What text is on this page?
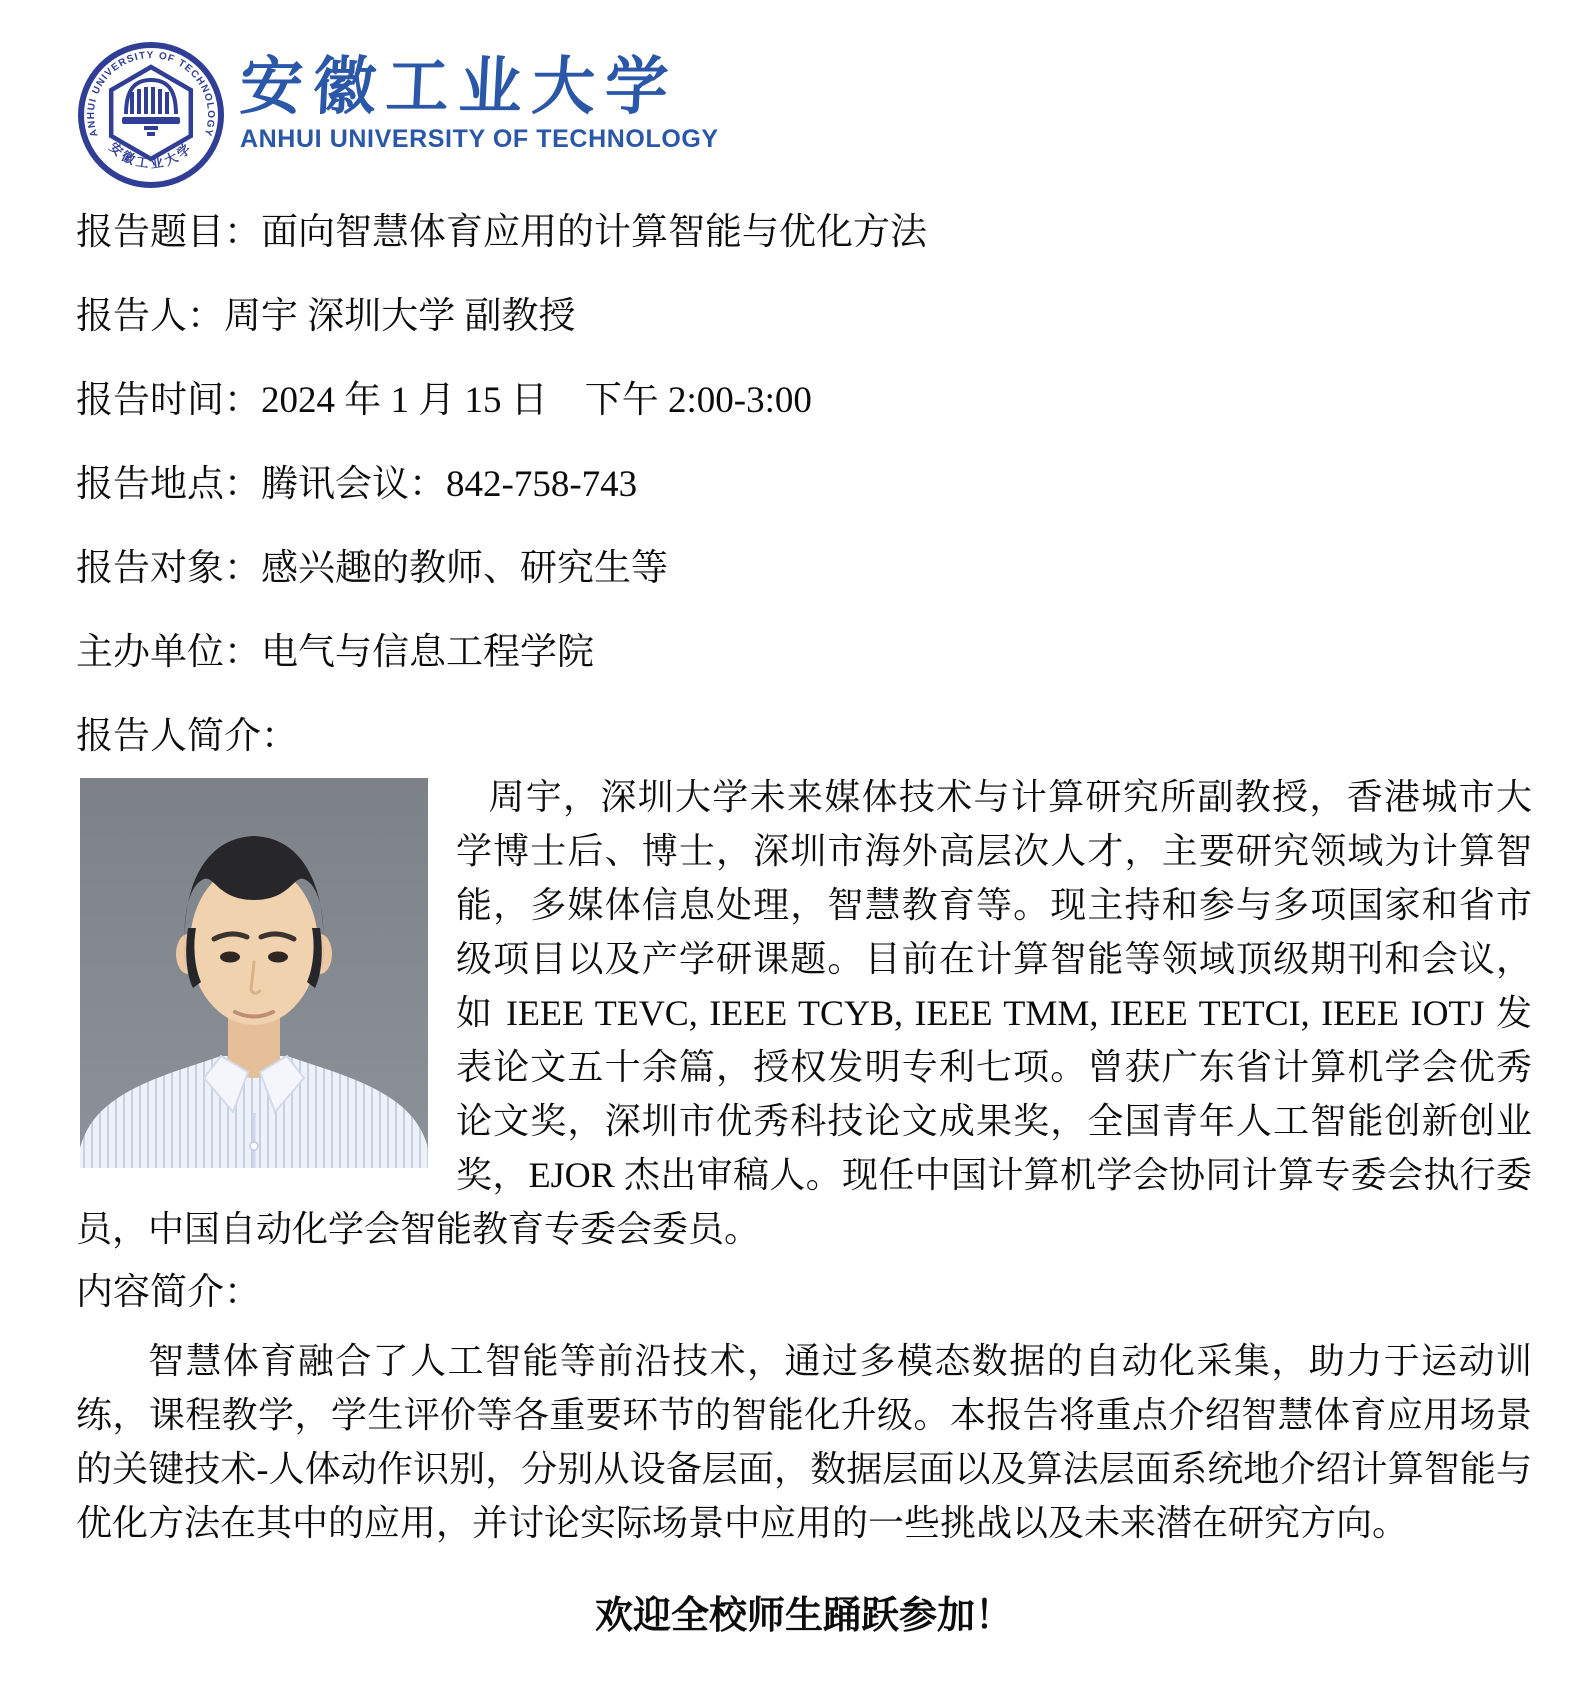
ANHUI UNIVERSITY OF TECHNOLOGY
安徽工业大学
安徽工业大学
ANHUI UNIVERSITY OF TECHNOLOGY

报告题目：面向智慧体育应用的计算智能与优化方法

报告人：周宇 深圳大学 副教授

报告时间：2024 年 1 月 15 日　下午 2:00-3:00

报告地点：腾讯会议：842-758-743

报告对象：感兴趣的教师、研究生等

主办单位：电气与信息工程学院

报告人简介：

周宇，深圳大学未来媒体技术与计算研究所副教授，香港城市大学博士后、博士，深圳市海外高层次人才，主要研究领域为计算智能，多媒体信息处理，智慧教育等。现主持和参与多项国家和省市级项目以及产学研课题。目前在计算智能等领域顶级期刊和会议，如 IEEE TEVC, IEEE TCYB, IEEE TMM, IEEE TETCI, IEEE IOTJ 发表论文五十余篇，授权发明专利七项。曾获广东省计算机学会优秀论文奖，深圳市优秀科技论文成果奖，全国青年人工智能创新创业奖，EJOR 杰出审稿人。现任中国计算机学会协同计算专委会执行委员，中国自动化学会智能教育专委会委员。

内容简介：

智慧体育融合了人工智能等前沿技术，通过多模态数据的自动化采集，助力于运动训练，课程教学，学生评价等各重要环节的智能化升级。本报告将重点介绍智慧体育应用场景的关键技术-人体动作识别，分别从设备层面，数据层面以及算法层面系统地介绍计算智能与优化方法在其中的应用，并讨论实际场景中应用的一些挑战以及未来潜在研究方向。

欢迎全校师生踊跃参加！
